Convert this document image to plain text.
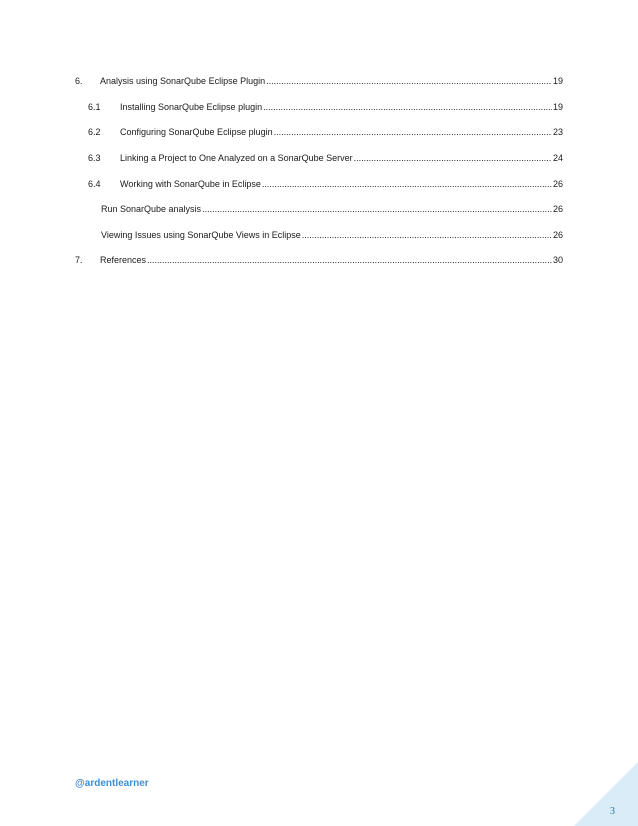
6.	Analysis using SonarQube Eclipse Plugin .....	19
6.1	Installing SonarQube Eclipse plugin .....	19
6.2	Configuring SonarQube Eclipse plugin .....	23
6.3	Linking a Project to One Analyzed on a SonarQube Server .....	24
6.4	Working with SonarQube in Eclipse .....	26
Run SonarQube analysis .....	26
Viewing Issues using SonarQube Views in Eclipse .....	26
7.	References .....	30
@ardentlearner
3
